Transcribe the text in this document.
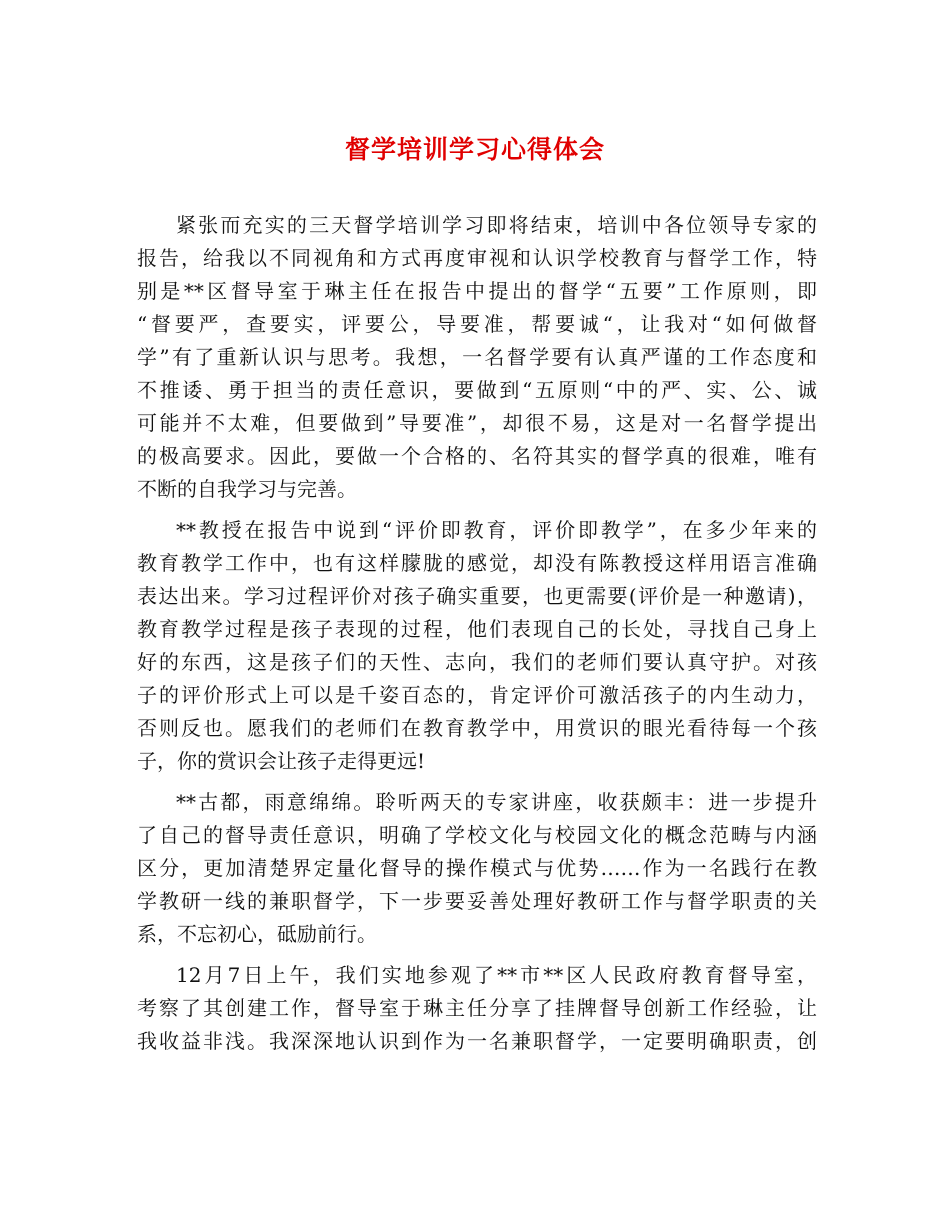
督学培训学习心得体会
紧张而充实的三天督学培训学习即将结束，培训中各位领导专家的
报告，给我以不同视角和方式再度审视和认识学校教育与督学工作，特
别是**区督导室于琳主任在报告中提出的督学“五要”工作原则，即
“督要严，查要实，评要公，导要准，帮要诚“，让我对“如何做督
学”有了重新认识与思考。我想，一名督学要有认真严谨的工作态度和
不推诿、勇于担当的责任意识，要做到“五原则“中的严、实、公、诚
可能并不太难，但要做到”导要准”，却很不易，这是对一名督学提出
的极高要求。因此，要做一个合格的、名符其实的督学真的很难，唯有
不断的自我学习与完善。
**教授在报告中说到“评价即教育，评价即教学”，在多少年来的
教育教学工作中，也有这样朦胧的感觉，却没有陈教授这样用语言准确
表达出来。学习过程评价对孩子确实重要，也更需要(评价是一种邀请)，
教育教学过程是孩子表现的过程，他们表现自己的长处，寻找自己身上
好的东西，这是孩子们的天性、志向，我们的老师们要认真守护。对孩
子的评价形式上可以是千姿百态的，肯定评价可激活孩子的内生动力，
否则反也。愿我们的老师们在教育教学中，用赏识的眼光看待每一个孩
子，你的赏识会让孩子走得更远!
**古都，雨意绵绵。聆听两天的专家讲座，收获颇丰：进一步提升
了自己的督导责任意识，明确了学校文化与校园文化的概念范畴与内涵
区分，更加清楚界定量化督导的操作模式与优势……作为一名践行在教
学教研一线的兼职督学，下一步要妥善处理好教研工作与督学职责的关
系，不忘初心，砥励前行。
12月7日上午，我们实地参观了**市**区人民政府教育督导室，
考察了其创建工作，督导室于琳主任分享了挂牌督导创新工作经验，让
我收益非浅。我深深地认识到作为一名兼职督学，一定要明确职责，创
